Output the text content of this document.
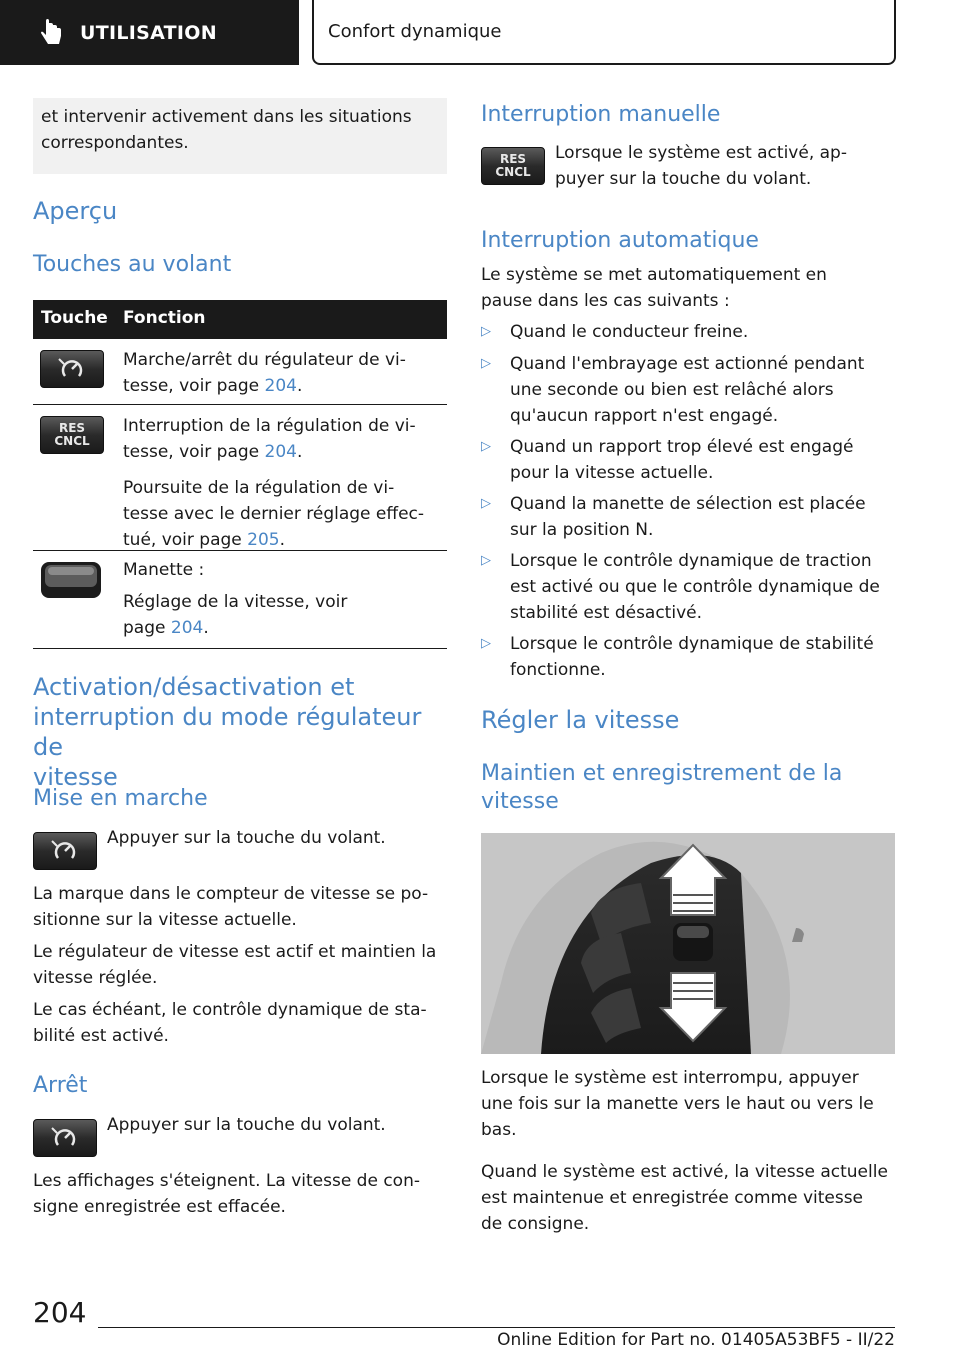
UTILISATION	Confort dynamique
et intervenir activement dans les situations correspondantes.
Aperçu
Touches au volant
Touche Fonction
Marche/arrêt du régulateur de vi-
tesse, voir page 204.
RES
CNCL
Interruption de la régulation de vi-
tesse, voir page 204.
Poursuite de la régulation de vi-
tesse avec le dernier réglage effec-
tué, voir page 205.
Manette :
Réglage de la vitesse, voir
page 204.
Activation/désactivation et
interruption du mode régulateur de
vitesse
Mise en marche
Appuyer sur la touche du volant.
La marque dans le compteur de vitesse se po-
sitionne sur la vitesse actuelle.
Le régulateur de vitesse est actif et maintien la
vitesse réglée.
Le cas échéant, le contrôle dynamique de sta-
bilité est activé.
Arrêt
Appuyer sur la touche du volant.
Les affichages s'éteignent. La vitesse de con-
signe enregistrée est effacée.
Interruption manuelle
RES
CNCL
Lorsque le système est activé, ap-
puyer sur la touche du volant.
Interruption automatique
Le système se met automatiquement en
pause dans les cas suivants :
▷ Quand le conducteur freine.
▷ Quand l'embrayage est actionné pendant
une seconde ou bien est relâché alors
qu'aucun rapport n'est engagé.
▷ Quand un rapport trop élevé est engagé
pour la vitesse actuelle.
▷ Quand la manette de sélection est placée
sur la position N.
▷ Lorsque le contrôle dynamique de traction
est activé ou que le contrôle dynamique de
stabilité est désactivé.
▷ Lorsque le contrôle dynamique de stabilité
fonctionne.
Régler la vitesse
Maintien et enregistrement de la
vitesse
Lorsque le système est interrompu, appuyer
une fois sur la manette vers le haut ou vers le
bas.
Quand le système est activé, la vitesse actuelle
est maintenue et enregistrée comme vitesse
de consigne.
204
Online Edition for Part no. 01405A53BF5 - II/22
